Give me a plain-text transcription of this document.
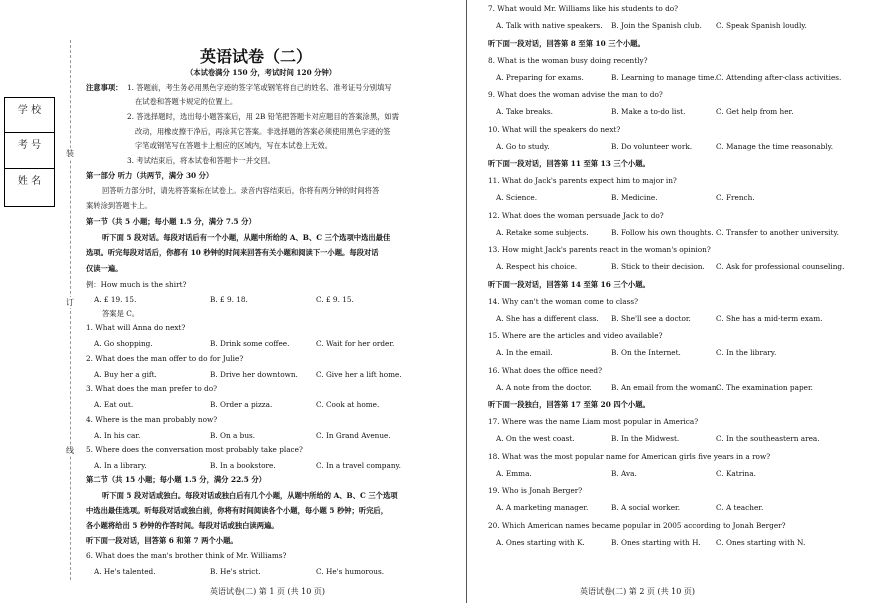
学 校
考 号
姓 名
装
订
线
英语试卷（二）
（本试卷满分 150 分，考试时间 120 分钟）
注意事项： 1. 答题前，考生务必用黑色字迹的签字笔或钢笔将自己的姓名、准考证号分别填写
在试卷和答题卡规定的位置上。
2. 答选择题时，选出每小题答案后，用 2B 铅笔把答题卡对应题目的答案涂黑，如需
改动，用橡皮擦干净后，再涂其它答案。非选择题的答案必须使用黑色字迹的签
字笔或钢笔写在答题卡上相应的区域内，写在本试卷上无效。
3. 考试结束后，将本试卷和答题卡一并交回。
第一部分 听力（共两节，满分 30 分）
回答听力部分时，请先将答案标在试卷上。录音内容结束后，你将有两分钟的时间将答
案转涂到答题卡上。
第一节（共 5 小题；每小题 1.5 分，满分 7.5 分）
听下面 5 段对话。每段对话后有一个小题，从题中所给的 A、B、C 三个选项中选出最佳
选项。听完每段对话后，你都有 10 秒钟的时间来回答有关小题和阅读下一小题。每段对话
仅读一遍。
例：How much is the shirt?
A. £ 19. 15.	B. £ 9. 18.	C. £ 9. 15.
答案是 C。
1. What will Anna do next?
A. Go shopping.	B. Drink some coffee.	C. Wait for her order.
2. What does the man offer to do for Julie?
A. Buy her a gift.	B. Drive her downtown. C. Give her a lift home.
3. What does the man prefer to do?
A. Eat out.	B. Order a pizza.	C. Cook at home.
4. Where is the man probably now?
A. In his car.	B. On a bus.	C. In Grand Avenue.
5. Where does the conversation most probably take place?
A. In a library.	B. In a bookstore.	C. In a travel company.
第二节（共 15 小题；每小题 1.5 分，满分 22.5 分）
听下面 5 段对话或独白。每段对话或独白后有几个小题，从题中所给的 A、B、C 三个选项
中选出最佳选项。听每段对话或独白前，你将有时间阅读各个小题，每小题 5 秒钟；听完后，
各小题将给出 5 秒钟的作答时间。每段对话或独白读两遍。
听下面一段对话，回答第 6 和第 7 两个小题。
6. What does the man's brother think of Mr. Williams?
A. He's talented.	B. He's strict.	C. He's humorous.
英语试卷(二) 第 1 页 (共 10 页)
7. What would Mr. Williams like his students to do?
A. Talk with native speakers. B. Join the Spanish club. C. Speak Spanish loudly.
听下面一段对话，回答第 8 至第 10 三个小题。
8. What is the woman busy doing recently?
A. Preparing for exams.	B. Learning to manage time. C. Attending after-class activities.
9. What does the woman advise the man to do?
A. Take breaks.	B. Make a to-do list.	C. Get help from her.
10. What will the speakers do next?
A. Go to study.	B. Do volunteer work.	C. Manage the time reasonably.
听下面一段对话，回答第 11 至第 13 三个小题。
11. What do Jack's parents expect him to major in?
A. Science.	B. Medicine.	C. French.
12. What does the woman persuade Jack to do?
A. Retake some subjects.	B. Follow his own thoughts. C. Transfer to another university.
13. How might Jack's parents react in the woman's opinion?
A. Respect his choice.	B. Stick to their decision. C. Ask for professional counseling.
听下面一段对话，回答第 14 至第 16 三个小题。
14. Why can't the woman come to class?
A. She has a different class. B. She'll see a doctor.	C. She has a mid-term exam.
15. Where are the articles and video available?
A. In the email.	B. On the Internet.	C. In the library.
16. What does the office need?
A. A note from the doctor.	B. An email from the woman.
C. The examination paper.
听下面一段独白，回答第 17 至第 20 四个小题。
17. Where was the name Liam most popular in America?
A. On the west coast.	B. In the Midwest.	C. In the southeastern area.
18. What was the most popular name for American girls five years in a row?
A. Emma.	B. Ava.	C. Katrina.
19. Who is Jonah Berger?
A. A marketing manager.	B. A social worker.	C. A teacher.
20. Which American names became popular in 2005 according to Jonah Berger?
A. Ones starting with K.	B. Ones starting with H. C. Ones starting with N.
英语试卷(二) 第 2 页 (共 10 页)
